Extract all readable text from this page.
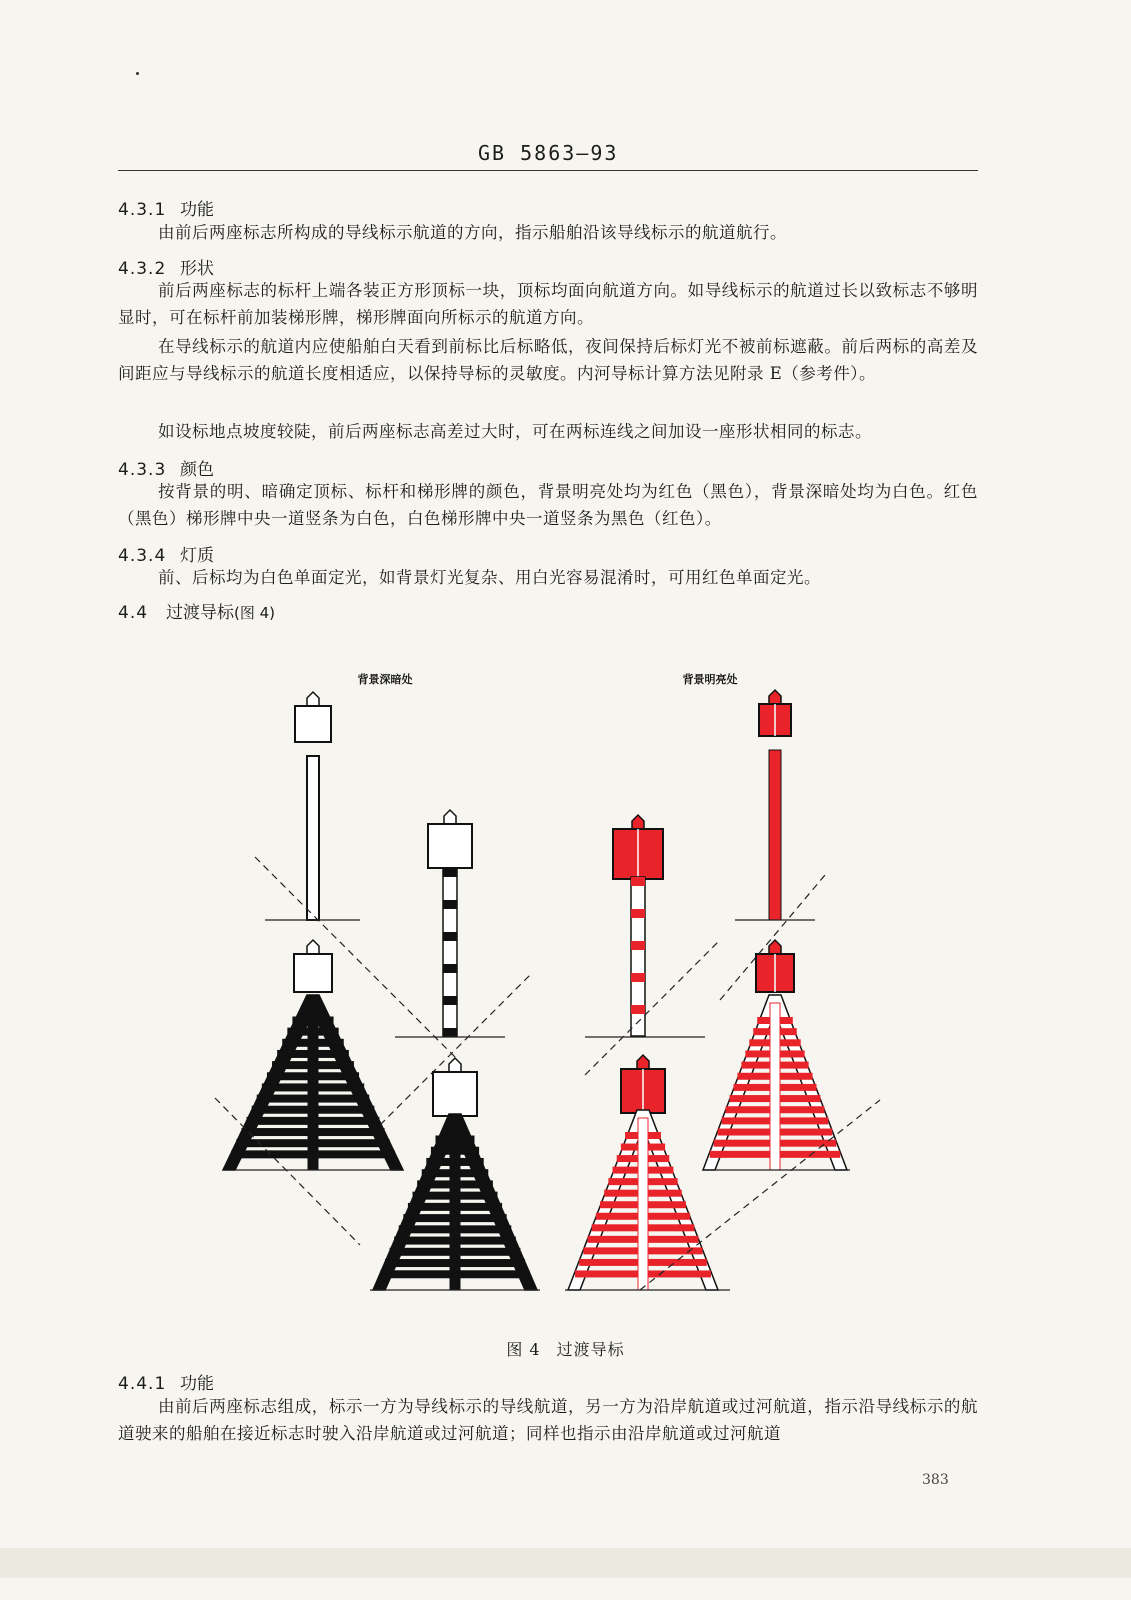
GB 5863—93
4.3.1 功能

由前后两座标志所构成的导线标示航道的方向，指示船舶沿该导线标示的航道航行。

4.3.2 形状

前后两座标志的标杆上端各装正方形顶标一块，顶标均面向航道方向。如导线标示的航道过长以致标志不够明显时，可在标杆前加装梯形牌，梯形牌面向所标示的航道方向。

在导线标示的航道内应使船舶白天看到前标比后标略低，夜间保持后标灯光不被前标遮蔽。前后两标的高差及间距应与导线标示的航道长度相适应，以保持导标的灵敏度。内河导标计算方法见附录 E（参考件）。

如设标地点坡度较陡，前后两座标志高差过大时，可在两标连线之间加设一座形状相同的标志。

4.3.3 颜色

按背景的明、暗确定顶标、标杆和梯形牌的颜色，背景明亮处均为红色（黑色），背景深暗处均为白色。红色（黑色）梯形牌中央一道竖条为白色，白色梯形牌中央一道竖条为黑色（红色）。

4.3.4 灯质

前、后标均为白色单面定光，如背景灯光复杂、用白光容易混淆时，可用红色单面定光。

4.4 过渡导标(图 4)
背景深暗处	背景明亮处
图 4 过渡导标
4.4.1 功能

由前后两座标志组成，标示一方为导线标示的导线航道，另一方为沿岸航道或过河航道，指示沿导线标示的航道驶来的船舶在接近标志时驶入沿岸航道或过河航道；同样也指示由沿岸航道或过河航道

383
